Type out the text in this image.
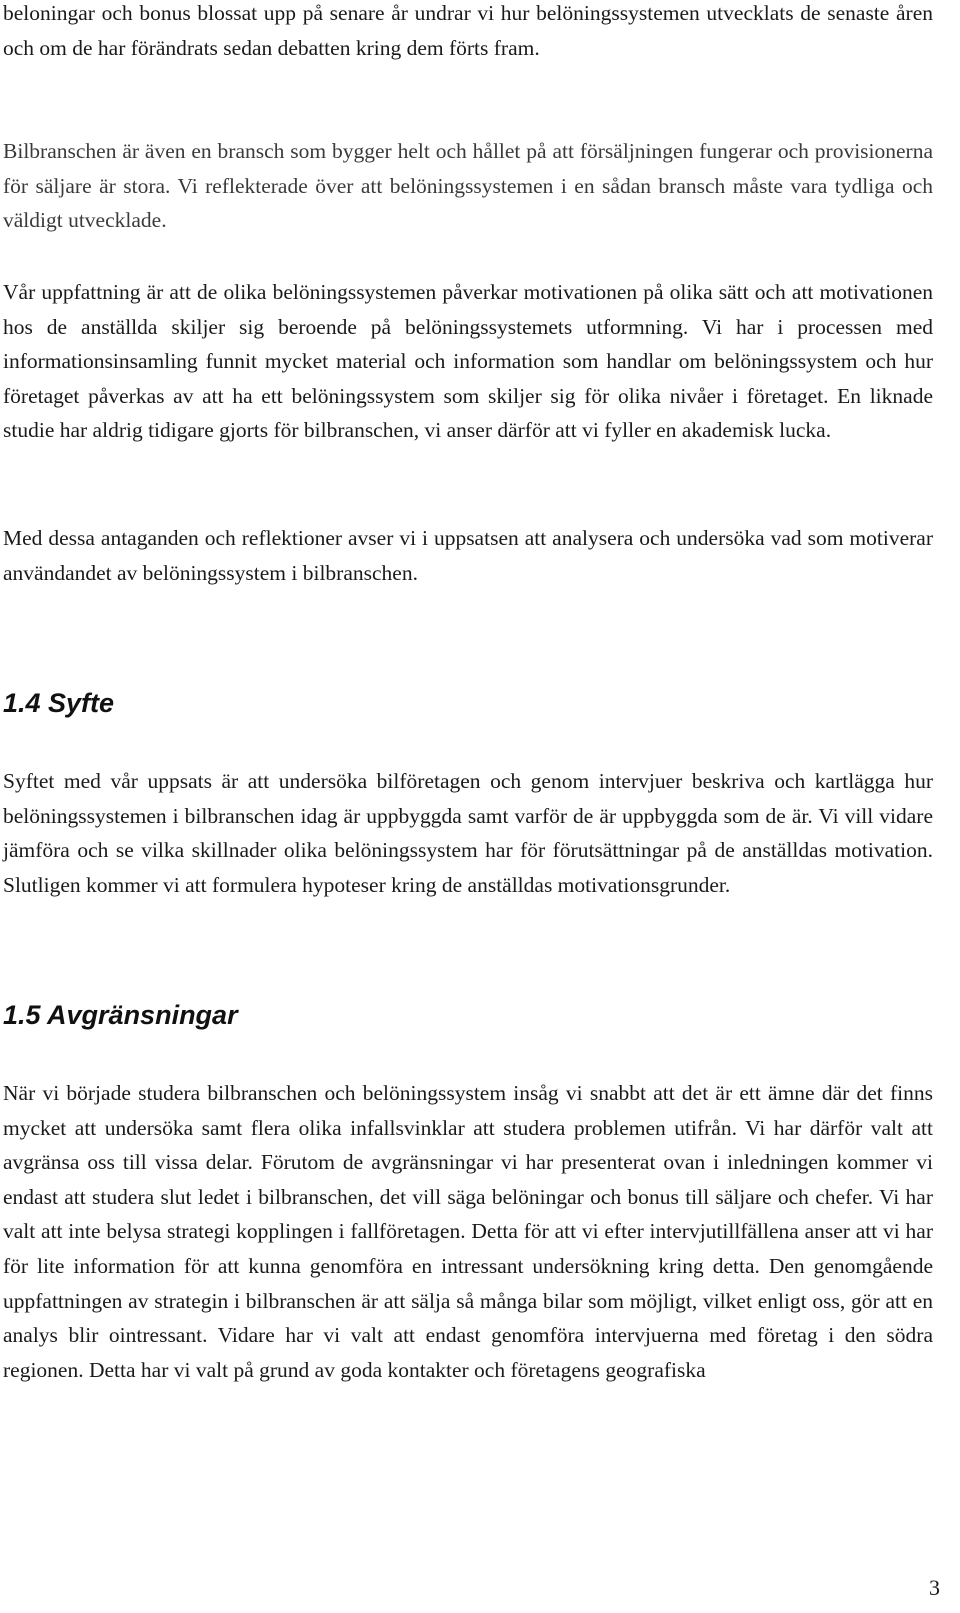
beloningar och bonus blossat upp på senare år undrar vi hur belöningssystemen utvecklats de senaste åren och om de har förändrats sedan debatten kring dem förts fram.

Bilbranschen är även en bransch som bygger helt och hållet på att försäljningen fungerar och provisionerna för säljare är stora. Vi reflekterade över att belöningssystemen i en sådan bransch måste vara tydliga och väldigt utvecklade.

Vår uppfattning är att de olika belöningssystemen påverkar motivationen på olika sätt och att motivationen hos de anställda skiljer sig beroende på belöningssystemets utformning. Vi har i processen med informationsinsamling funnit mycket material och information som handlar om belöningssystem och hur företaget påverkas av att ha ett belöningssystem som skiljer sig för olika nivåer i företaget. En liknade studie har aldrig tidigare gjorts för bilbranschen, vi anser därför att vi fyller en akademisk lucka.

Med dessa antaganden och reflektioner avser vi i uppsatsen att analysera och undersöka vad som motiverar användandet av belöningssystem i bilbranschen.

1.4 Syfte

Syftet med vår uppsats är att undersöka bilföretagen och genom intervjuer beskriva och kartlägga hur belöningssystemen i bilbranschen idag är uppbyggda samt varför de är uppbyggda som de är. Vi vill vidare jämföra och se vilka skillnader olika belöningssystem har för förutsättningar på de anställdas motivation. Slutligen kommer vi att formulera hypoteser kring de anställdas motivationsgrunder.

1.5 Avgränsningar

När vi började studera bilbranschen och belöningssystem insåg vi snabbt att det är ett ämne där det finns mycket att undersöka samt flera olika infallsvinklar att studera problemen utifrån. Vi har därför valt att avgränsa oss till vissa delar. Förutom de avgränsningar vi har presenterat ovan i inledningen kommer vi endast att studera slut ledet i bilbranschen, det vill säga belöningar och bonus till säljare och chefer. Vi har valt att inte belysa strategi kopplingen i fallföretagen. Detta för att vi efter intervjutillfällena anser att vi har för lite information för att kunna genomföra en intressant undersökning kring detta. Den genomgående uppfattningen av strategin i bilbranschen är att sälja så många bilar som möjligt, vilket enligt oss, gör att en analys blir ointressant. Vidare har vi valt att endast genomföra intervjuerna med företag i den södra regionen. Detta har vi valt på grund av goda kontakter och företagens geografiska

3
